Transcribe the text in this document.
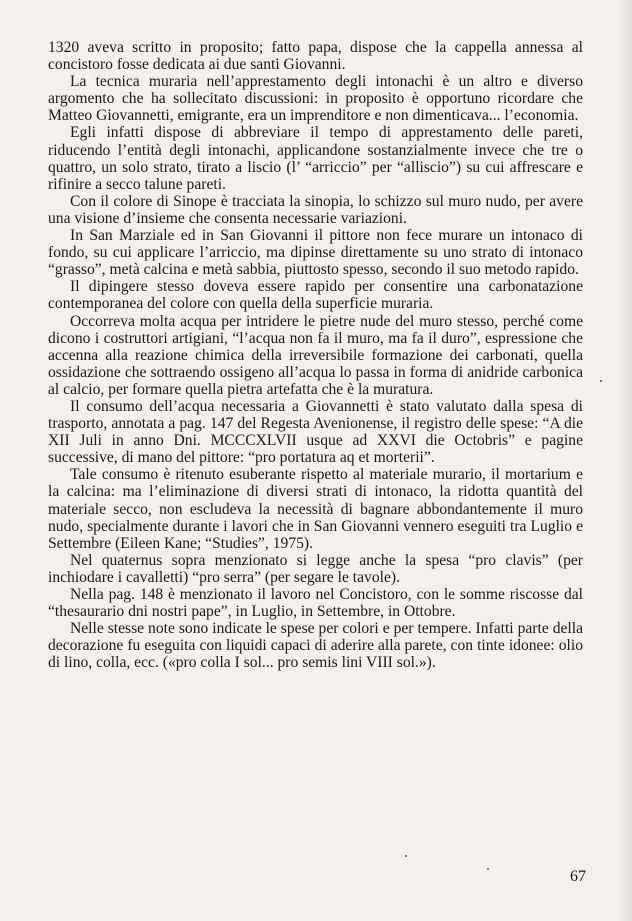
1320 aveva scritto in proposito; fatto papa, dispose che la cappella annessa al concistoro fosse dedicata ai due santi Giovanni.

La tecnica muraria nell’apprestamento degli intonachi è un altro e diverso argomento che ha sollecitato discussioni: in proposito è opportuno ricordare che Matteo Giovannetti, emigrante, era un imprenditore e non dimenticava... l’economia.

Egli infatti dispose di abbreviare il tempo di apprestamento delle pareti, riducendo l’entità degli intonachi, applicandone sostanzialmente invece che tre o quattro, un solo strato, tirato a liscio (l’ “arriccio” per “alliscio”) su cui affrescare e rifinire a secco talune pareti.

Con il colore di Sinope è tracciata la sinopia, lo schizzo sul muro nudo, per avere una visione d’insieme che consenta necessarie variazioni.

In San Marziale ed in San Giovanni il pittore non fece murare un intonaco di fondo, su cui applicare l’arriccio, ma dipinse direttamente su uno strato di intonaco “grasso”, metà calcina e metà sabbia, piuttosto spesso, secondo il suo metodo rapido.

Il dipingere stesso doveva essere rapido per consentire una carbonatazione contemporanea del colore con quella della superficie muraria.

Occorreva molta acqua per intridere le pietre nude del muro stesso, perché come dicono i costruttori artigiani, “l’acqua non fa il muro, ma fa il duro”, espressione che accenna alla reazione chimica della irreversibile formazione dei carbonati, quella ossidazione che sottraendo ossigeno all’acqua lo passa in forma di anidride carbonica al calcio, per formare quella pietra artefatta che è la muratura.

Il consumo dell’acqua necessaria a Giovannetti è stato valutato dalla spesa di trasporto, annotata a pag. 147 del Regesta Avenionense, il registro delle spese: “A die XII Juli in anno Dni. MCCCXLVII usque ad XXVI die Octobris” e pagine successive, di mano del pittore: “pro portatura aq et morterii”.

Tale consumo è ritenuto esuberante rispetto al materiale murario, il mortarium e la calcina: ma l’eliminazione di diversi strati di intonaco, la ridotta quantità del materiale secco, non escludeva la necessità di bagnare abbondantemente il muro nudo, specialmente durante i lavori che in San Giovanni vennero eseguiti tra Luglio e Settembre (Eileen Kane; “Studies”, 1975).

Nel quaternus sopra menzionato si legge anche la spesa “pro clavis” (per inchiodare i cavalletti) “pro serra” (per segare le tavole).

Nella pag. 148 è menzionato il lavoro nel Concistoro, con le somme riscosse dal “thesaurario dni nostri pape”, in Luglio, in Settembre, in Ottobre.

Nelle stesse note sono indicate le spese per colori e per tempere. Infatti parte della decorazione fu eseguita con liquidi capaci di aderire alla parete, con tinte idonee: olio di lino, colla, ecc. («pro colla I sol... pro semis lini VIII sol.»).

67
